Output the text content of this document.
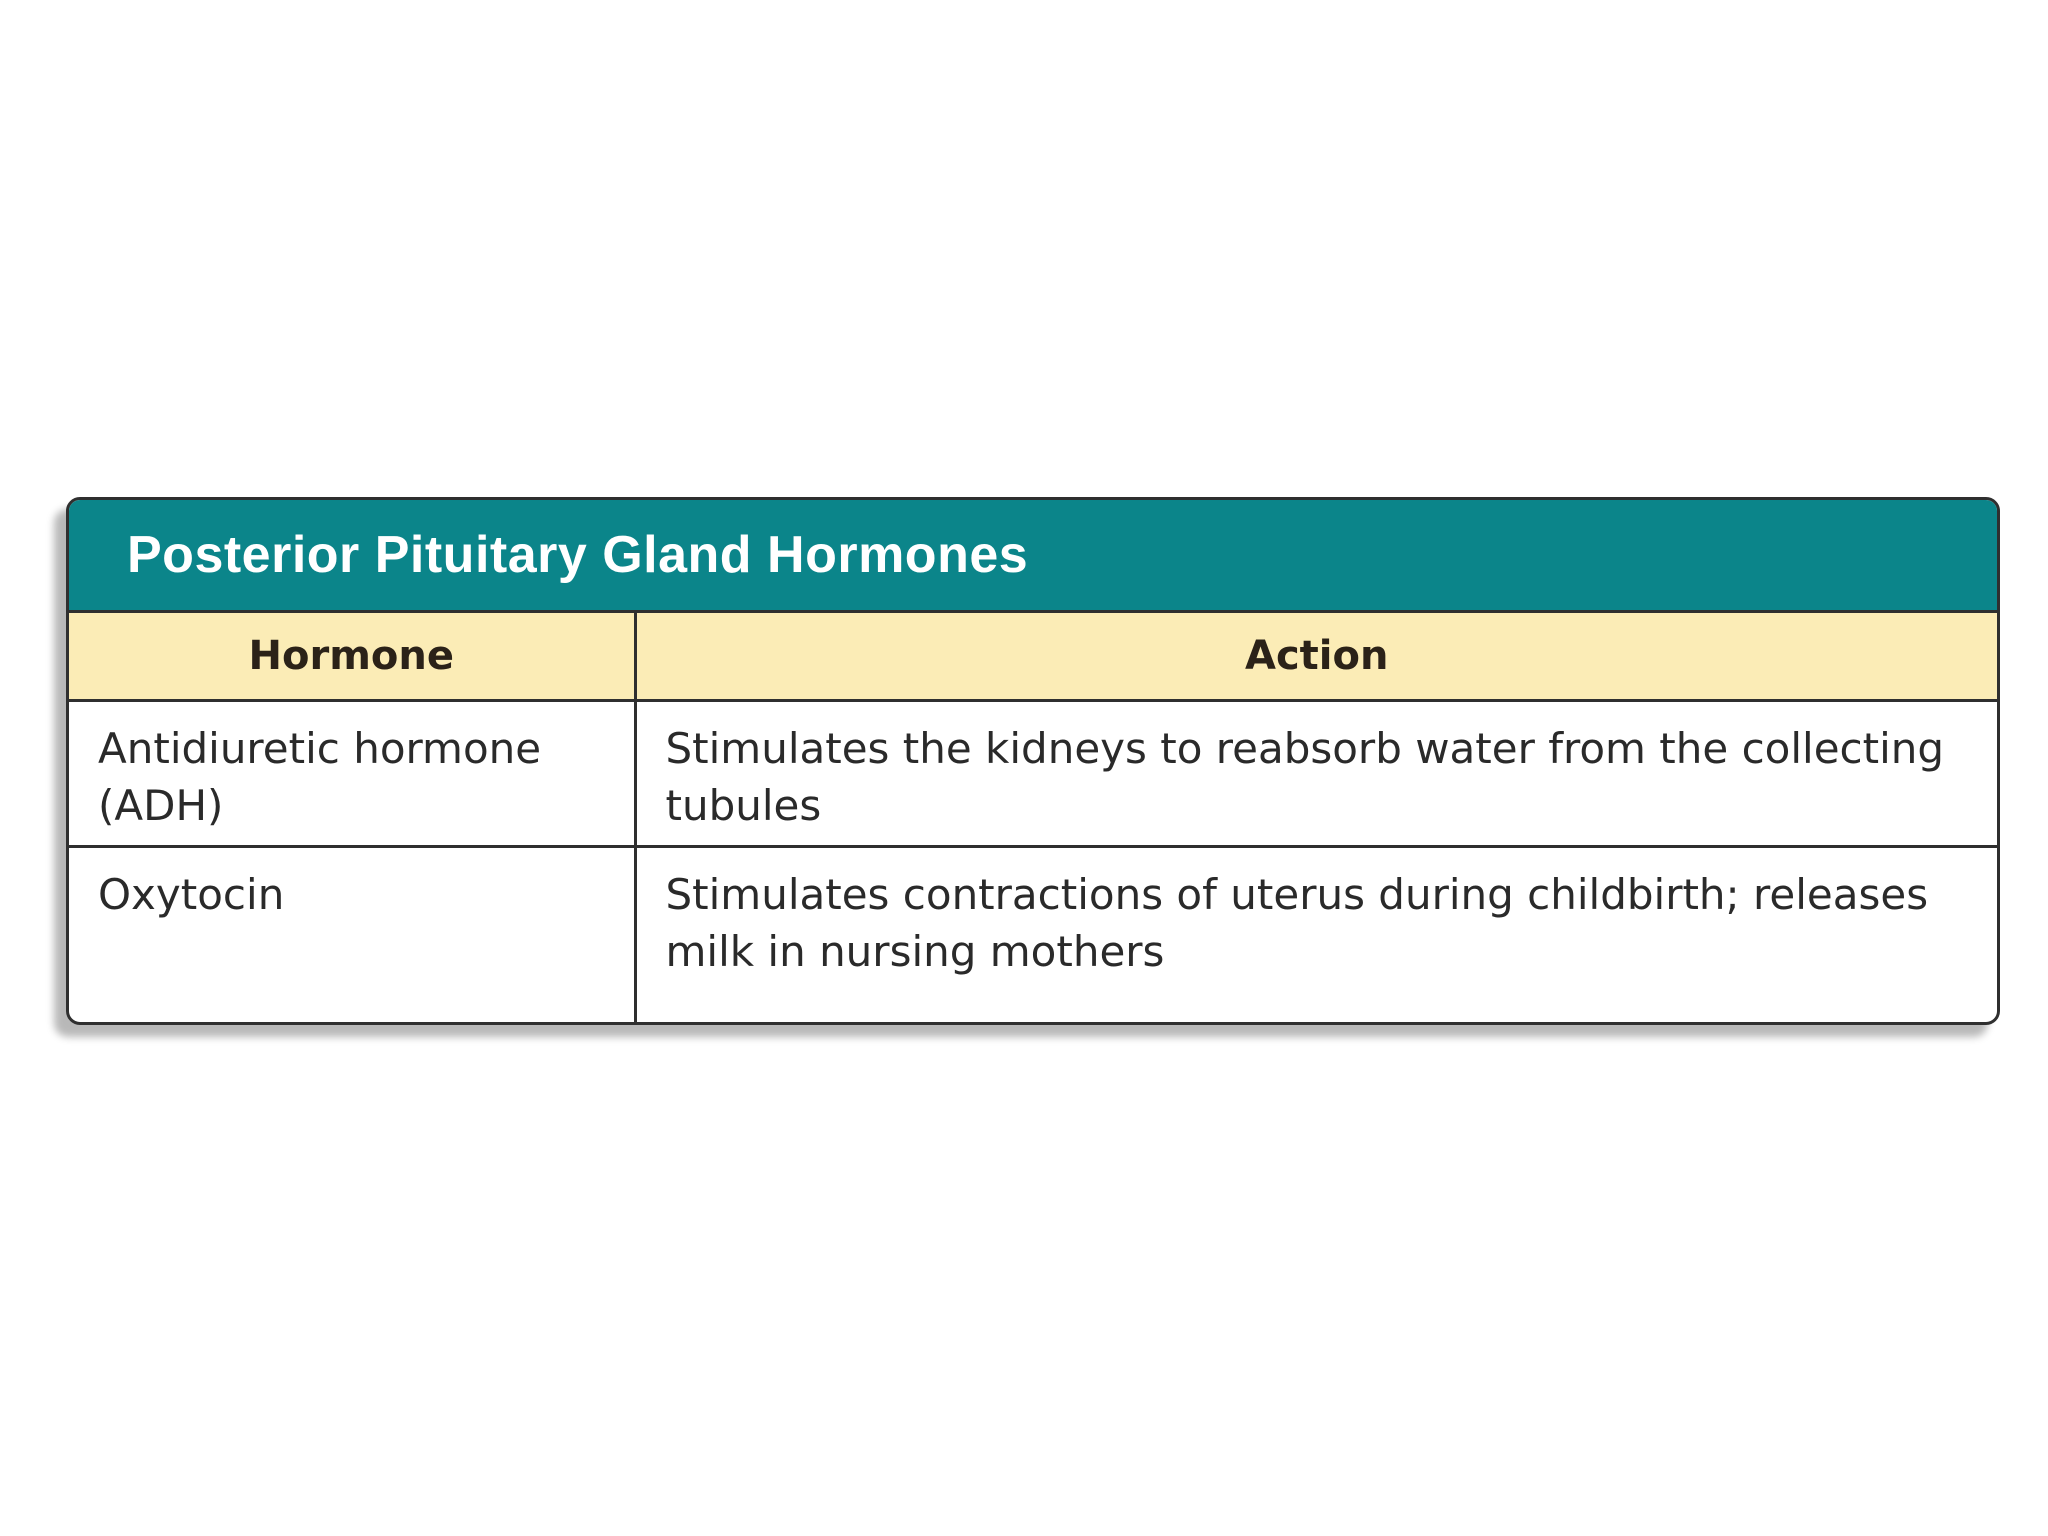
Posterior Pituitary Gland Hormones
Hormone	Action
Antidiuretic hormone (ADH)	Stimulates the kidneys to reabsorb water from the collecting tubules
Oxytocin	Stimulates contractions of uterus during childbirth; releases milk in nursing mothers
